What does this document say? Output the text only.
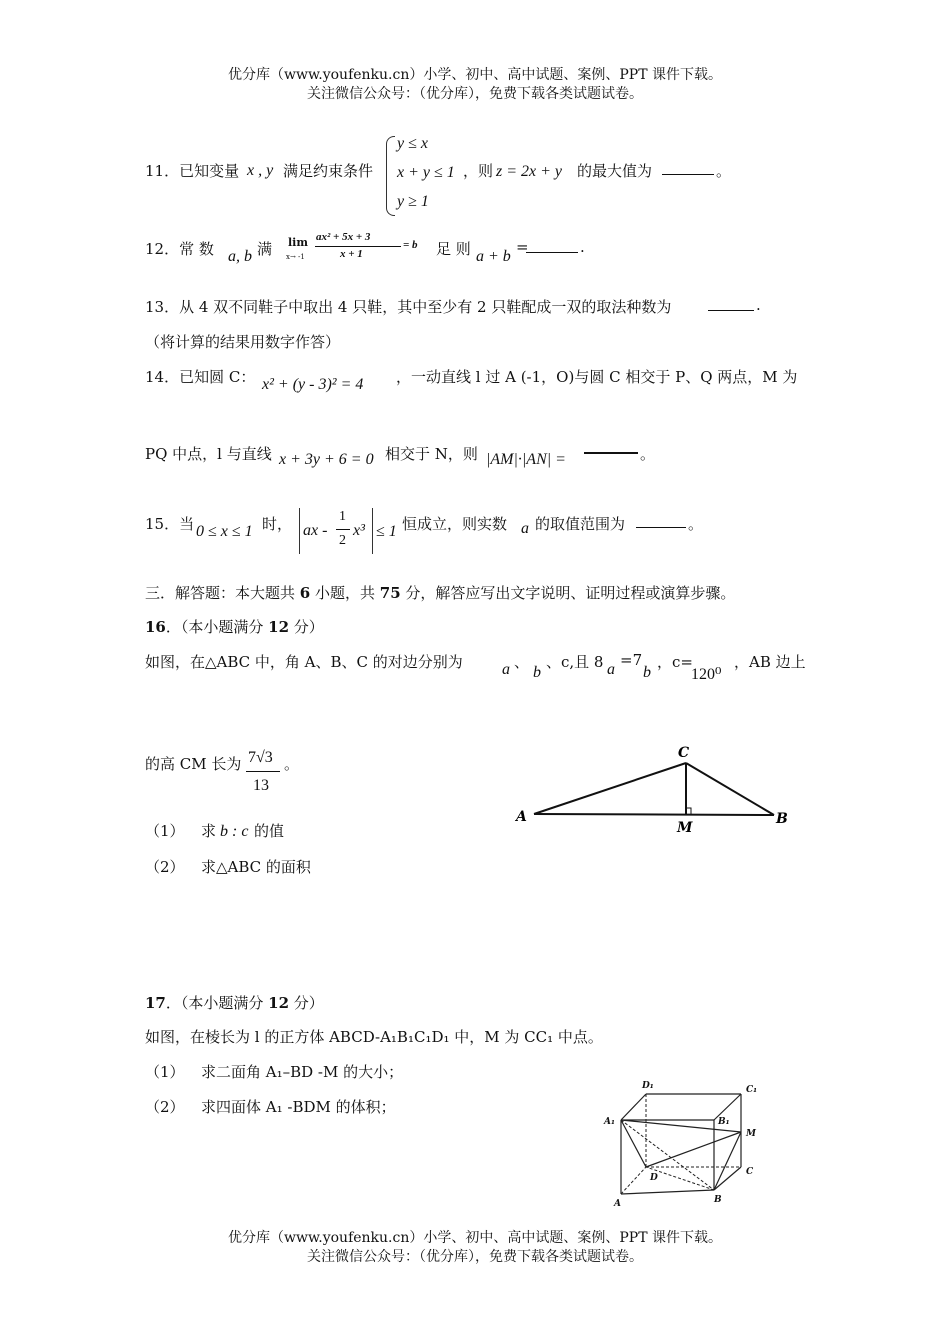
优分库（www.youfenku.cn）小学、初中、高中试题、案例、PPT 课件下载。
关注微信公众号：（优分库），免费下载各类试题试卷。
11．已知变量 x , y 满足约束条件
y ≤ x
x + y ≤ 1
y ≥ 1
，则 z = 2x + y 的最大值为	。
12．常 数 a, b 满 lim
x→ -1
ax² + 5x + 3
x + 1
= b 足 则 a + b
=	.
13．从 4 双不同鞋子中取出 4 只鞋，其中至少有 2 只鞋配成一双的取法种数为	.
（将计算的结果用数字作答）
14．已知圆 C： x² + (y - 3)² = 4 ，一动直线 l 过 A (-1，O)与圆 C 相交于 P、Q 两点，M 为
PQ 中点，l 与直线 x + 3y + 6 = 0 相交于 N，则 |AM|·|AN| =	。
15．当 0 ≤ x ≤ 1 时， ax -
1
2
x³ ≤ 1 恒成立，则实数 a 的取值范围为	。
三．解答题：本大题共 6 小题，共 75 分，解答应写出文字说明、证明过程或演算步骤。
16．（本小题满分 12 分）
如图，在△ABC 中，角 A、B、C 的对边分别为 a 、
b
、c,且 8 a
=7
b
，c=
120⁰
，AB 边上
的高 CM 长为 7√3
13
。
（1） 求 b : c 的值
（2） 求△ABC 的面积
A
C
M
B
17．（本小题满分 12 分）
如图，在棱长为 l 的正方体 ABCD-A₁B₁C₁D₁ 中，M 为 CC₁ 中点。
（1） 求二面角 A₁–BD -M 的大小；
（2） 求四面体 A₁ -BDM 的体积；
D₁	C₁
A₁	B₁
M
C
D
A	B
优分库（www.youfenku.cn）小学、初中、高中试题、案例、PPT 课件下载。
关注微信公众号：（优分库），免费下载各类试题试卷。
